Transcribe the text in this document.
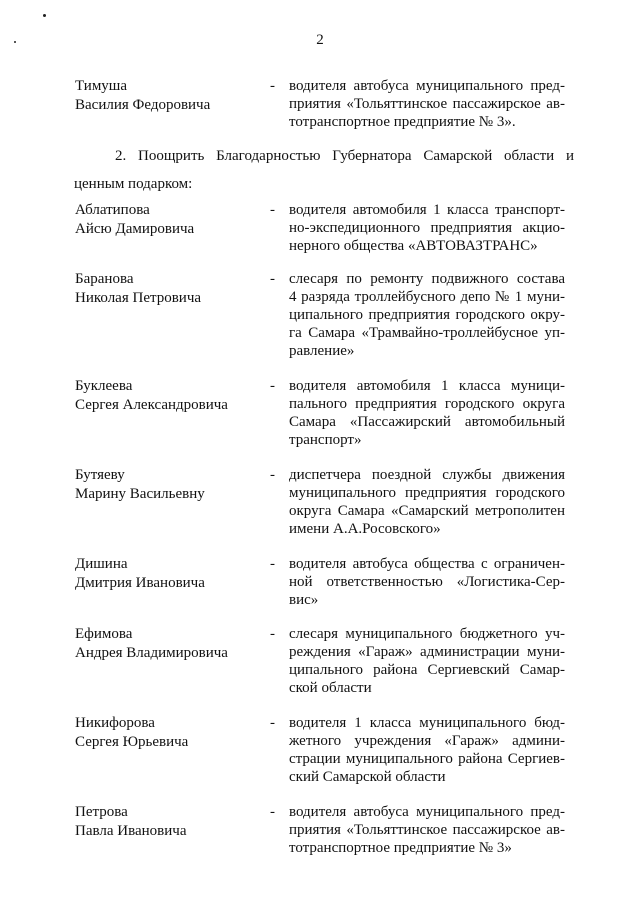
2
Тимуша
Василия Федоровича
- водителя автобуса муниципального пред-
приятия «Тольяттинское пассажирское ав-
тотранспортное предприятие № 3».
2. Поощрить Благодарностью Губернатора Самарской области и
ценным подарком:
Аблатипова
Айсю Дамировича
- водителя автомобиля 1 класса транспорт-
но-экспедиционного предприятия акцио-
нерного общества «АВТОВАЗТРАНС»
Баранова
Николая Петровича
- слесаря по ремонту подвижного состава
4 разряда троллейбусного депо № 1 муни-
ципального предприятия городского окру-
га Самара «Трамвайно-троллейбусное уп-
равление»
Буклеева
Сергея Александровича
- водителя автомобиля 1 класса муници-
пального предприятия городского округа
Самара «Пассажирский автомобильный
транспорт»
Бутяеву
Марину Васильевну
- диспетчера поездной службы движения
муниципального предприятия городского
округа Самара «Самарский метрополитен
имени А.А.Росовского»
Дишина
Дмитрия Ивановича
- водителя автобуса общества с ограничен-
ной ответственностью «Логистика-Сер-
вис»
Ефимова
Андрея Владимировича
- слесаря муниципального бюджетного уч-
реждения «Гараж» администрации муни-
ципального района Сергиевский Самар-
ской области
Никифорова
Сергея Юрьевича
- водителя 1 класса муниципального бюд-
жетного учреждения «Гараж» админи-
страции муниципального района Сергиев-
ский Самарской области
Петрова
Павла Ивановича
- водителя автобуса муниципального пред-
приятия «Тольяттинское пассажирское ав-
тотранспортное предприятие № 3»
